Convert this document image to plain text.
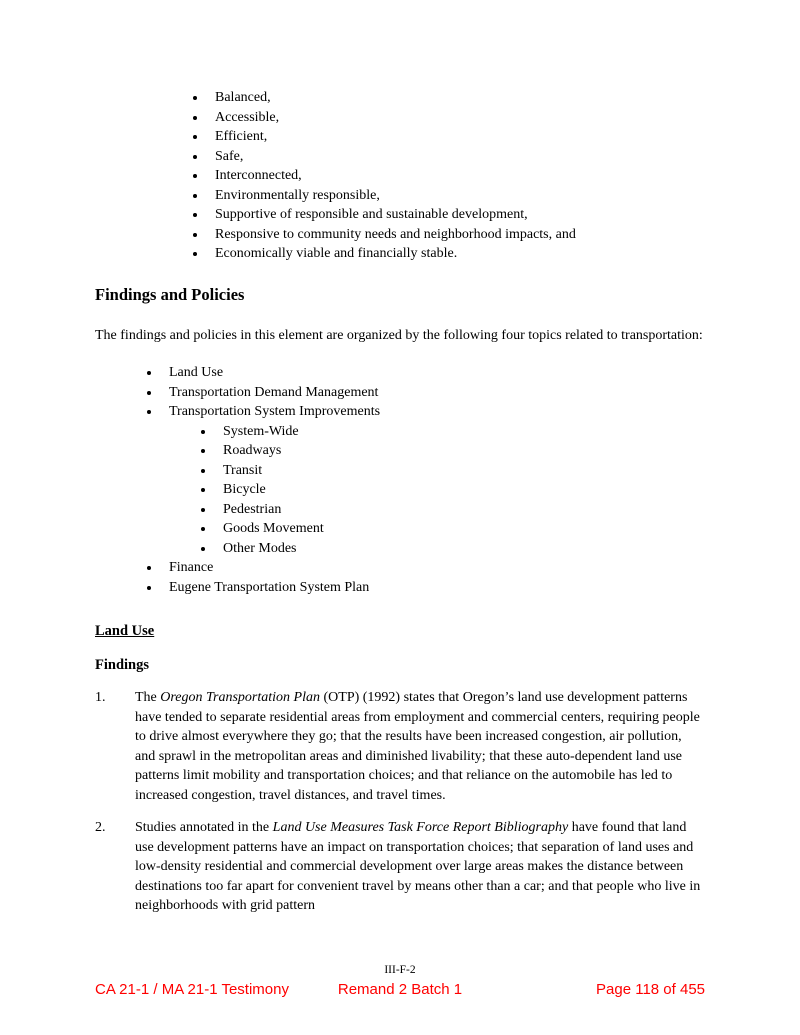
• Balanced,
• Accessible,
• Efficient,
• Safe,
• Interconnected,
• Environmentally responsible,
• Supportive of responsible and sustainable development,
• Responsive to community needs and neighborhood impacts, and
• Economically viable and financially stable.
Findings and Policies

The findings and policies in this element are organized by the following four topics related to transportation:

• Land Use
• Transportation Demand Management
• Transportation System Improvements
• System-Wide
• Roadways
• Transit
• Bicycle
• Pedestrian
• Goods Movement
• Other Modes
• Finance
• Eugene Transportation System Plan
Land Use
Findings
1.	The Oregon Transportation Plan (OTP) (1992) states that Oregon’s land use development patterns have tended to separate residential areas from employment and commercial centers, requiring people to drive almost everywhere they go; that the results have been increased congestion, air pollution, and sprawl in the metropolitan areas and diminished livability; that these auto-dependent land use patterns limit mobility and transportation choices; and that reliance on the automobile has led to increased congestion, travel distances, and travel times.
2.	Studies annotated in the Land Use Measures Task Force Report Bibliography have found that land use development patterns have an impact on transportation choices; that separation of land uses and low-density residential and commercial development over large areas makes the distance between destinations too far apart for convenient travel by means other than a car; and that people who live in neighborhoods with grid pattern
III-F-2
CA 21-1 / MA 21-1 Testimony	Remand 2 Batch 1	Page 118 of 455
